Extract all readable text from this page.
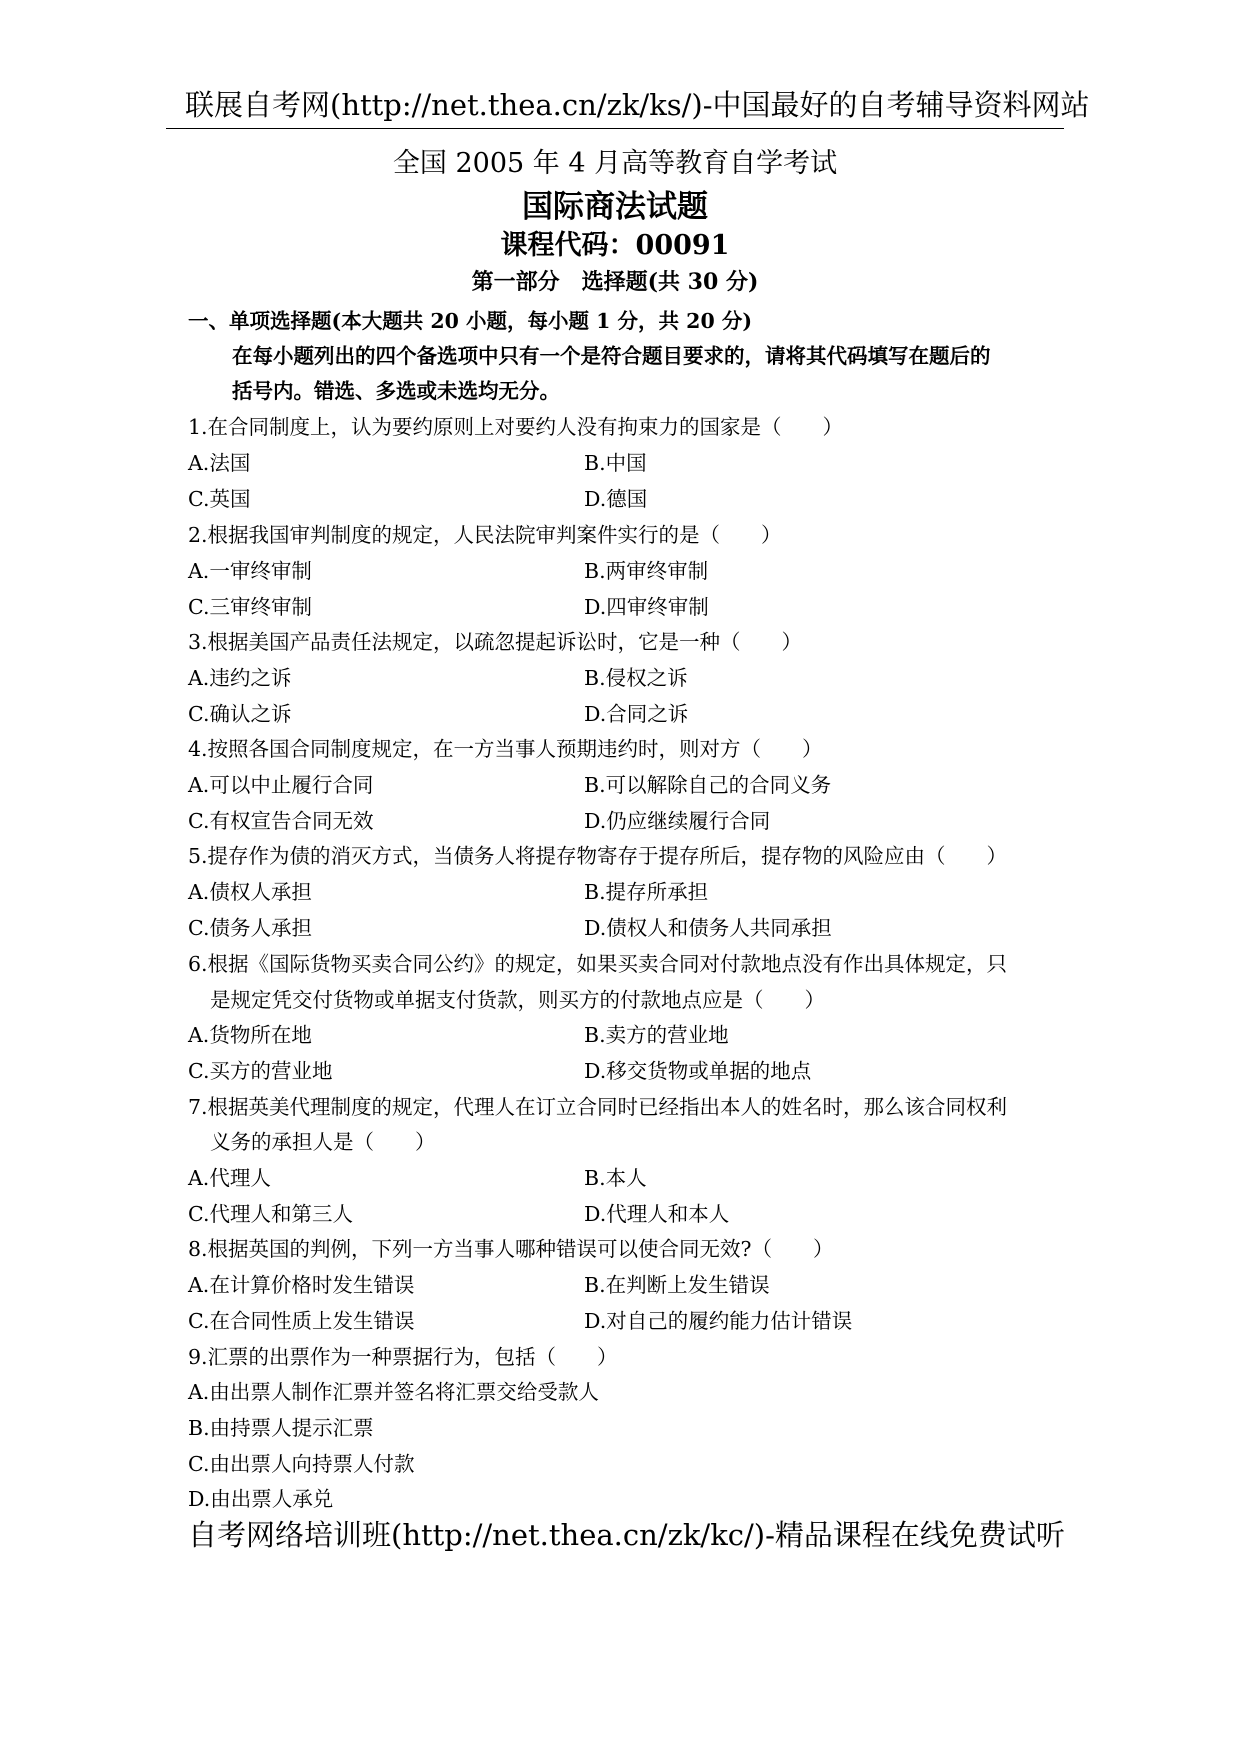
联展自考网(http://net.thea.cn/zk/ks/)-中国最好的自考辅导资料网站
全国 2005 年 4 月高等教育自学考试
国际商法试题
课程代码：00091
第一部分　选择题(共 30 分)
一、单项选择题(本大题共 20 小题，每小题 1 分，共 20 分)
在每小题列出的四个备选项中只有一个是符合题目要求的，请将其代码填写在题后的
括号内。错选、多选或未选均无分。
1.在合同制度上，认为要约原则上对要约人没有拘束力的国家是（　　）
A.法国	B.中国
C.英国	D.德国
2.根据我国审判制度的规定，人民法院审判案件实行的是（　　）
A.一审终审制	B.两审终审制
C.三审终审制	D.四审终审制
3.根据美国产品责任法规定，以疏忽提起诉讼时，它是一种（　　）
A.违约之诉	B.侵权之诉
C.确认之诉	D.合同之诉
4.按照各国合同制度规定，在一方当事人预期违约时，则对方（　　）
A.可以中止履行合同	B.可以解除自己的合同义务
C.有权宣告合同无效	D.仍应继续履行合同
5.提存作为债的消灭方式，当债务人将提存物寄存于提存所后，提存物的风险应由（　　）
A.债权人承担	B.提存所承担
C.债务人承担	D.债权人和债务人共同承担
6.根据《国际货物买卖合同公约》的规定，如果买卖合同对付款地点没有作出具体规定，只
是规定凭交付货物或单据支付货款，则买方的付款地点应是（　　）
A.货物所在地	B.卖方的营业地
C.买方的营业地	D.移交货物或单据的地点
7.根据英美代理制度的规定，代理人在订立合同时已经指出本人的姓名时，那么该合同权利
义务的承担人是（　　）
A.代理人	B.本人
C.代理人和第三人	D.代理人和本人
8.根据英国的判例，下列一方当事人哪种错误可以使合同无效?（　　）
A.在计算价格时发生错误	B.在判断上发生错误
C.在合同性质上发生错误	D.对自己的履约能力估计错误
9.汇票的出票作为一种票据行为，包括（　　）
A.由出票人制作汇票并签名将汇票交给受款人
B.由持票人提示汇票
C.由出票人向持票人付款
D.由出票人承兑
自考网络培训班(http://net.thea.cn/zk/kc/)-精品课程在线免费试听
